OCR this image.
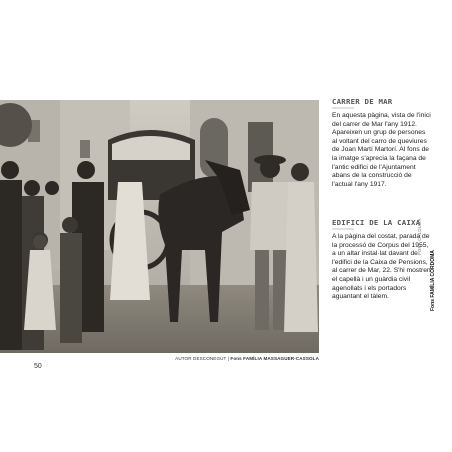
AUTOR DESCONEGUT | Fons FAMÍLIA MASSAGUER-CASSOLA
50
CARRER DE MAR
En aquesta pàgina, vista de l'inici del carrer de Mar l'any 1912. Apareixen un grup de persones al voltant del carro de queviures de Joan Martí Martorí. Al fons de la imatge s'aprecia la façana de l'antic edifici de l'Ajuntament abans de la construcció de l'actual l'any 1917.
EDIFICI DE LA CAIXA
A la pàgina del costat, parada de la processó de Corpus del 1955, a un altar instal·lat davant de l'edifici de la Caixa de Pensions, al carrer de Mar, 22. S'hi mostren el capellà i un guàrdia civil agenollats i els portadors aguantant el tàlem.
FORA CALDUDA
Fons FAMÍLIA CORDOMA
